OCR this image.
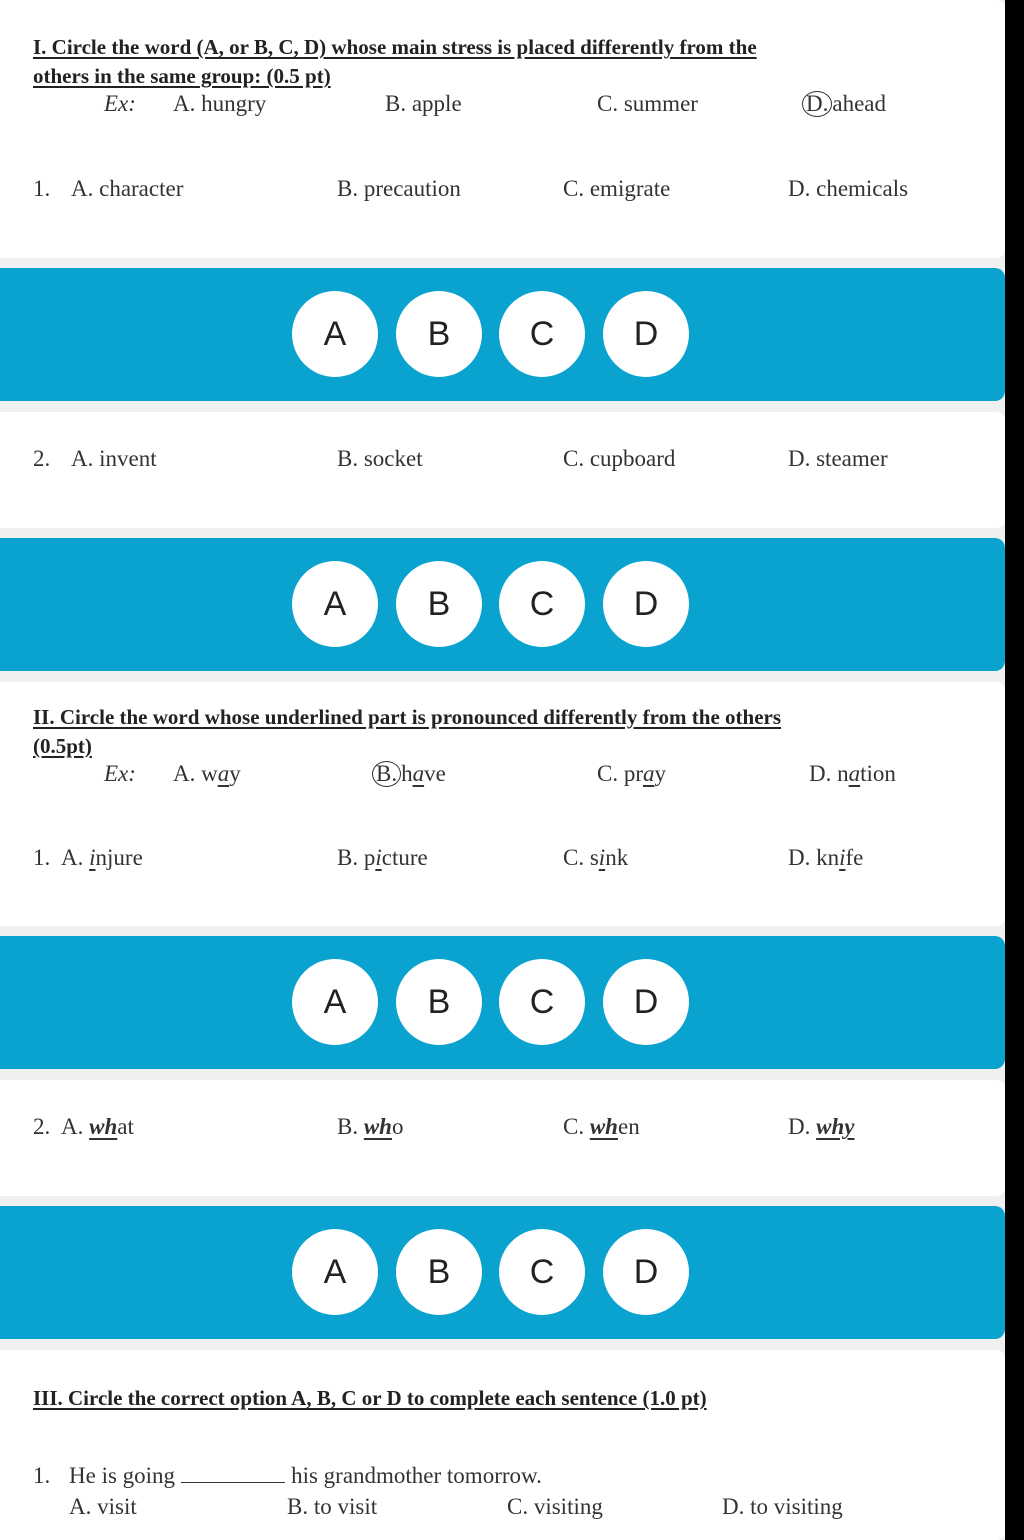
I. Circle the word (A, or B, C, D) whose main stress is placed differently from the
others in the same group: (0.5 pt)
Ex: A. hungry	B. apple	C. summer	D. ahead
1. A. character	B. precaution	C. emigrate	D. chemicals
A	B	C	D
2. A. invent	B. socket	C. cupboard	D. steamer
A	B	C	D
II. Circle the word whose underlined part is pronounced differently from the others
(0.5pt)
Ex: A. way	B. have	C. pray	D. nation
1. A. injure	B. picture	C. sink	D. knife
A	B	C	D
2. A. what	B. who	C. when	D. why
A	B	C	D
III. Circle the correct option A, B, C or D to complete each sentence (1.0 pt)
1. He is going	his grandmother tomorrow.
A. visit	B. to visit	C. visiting	D. to visiting
